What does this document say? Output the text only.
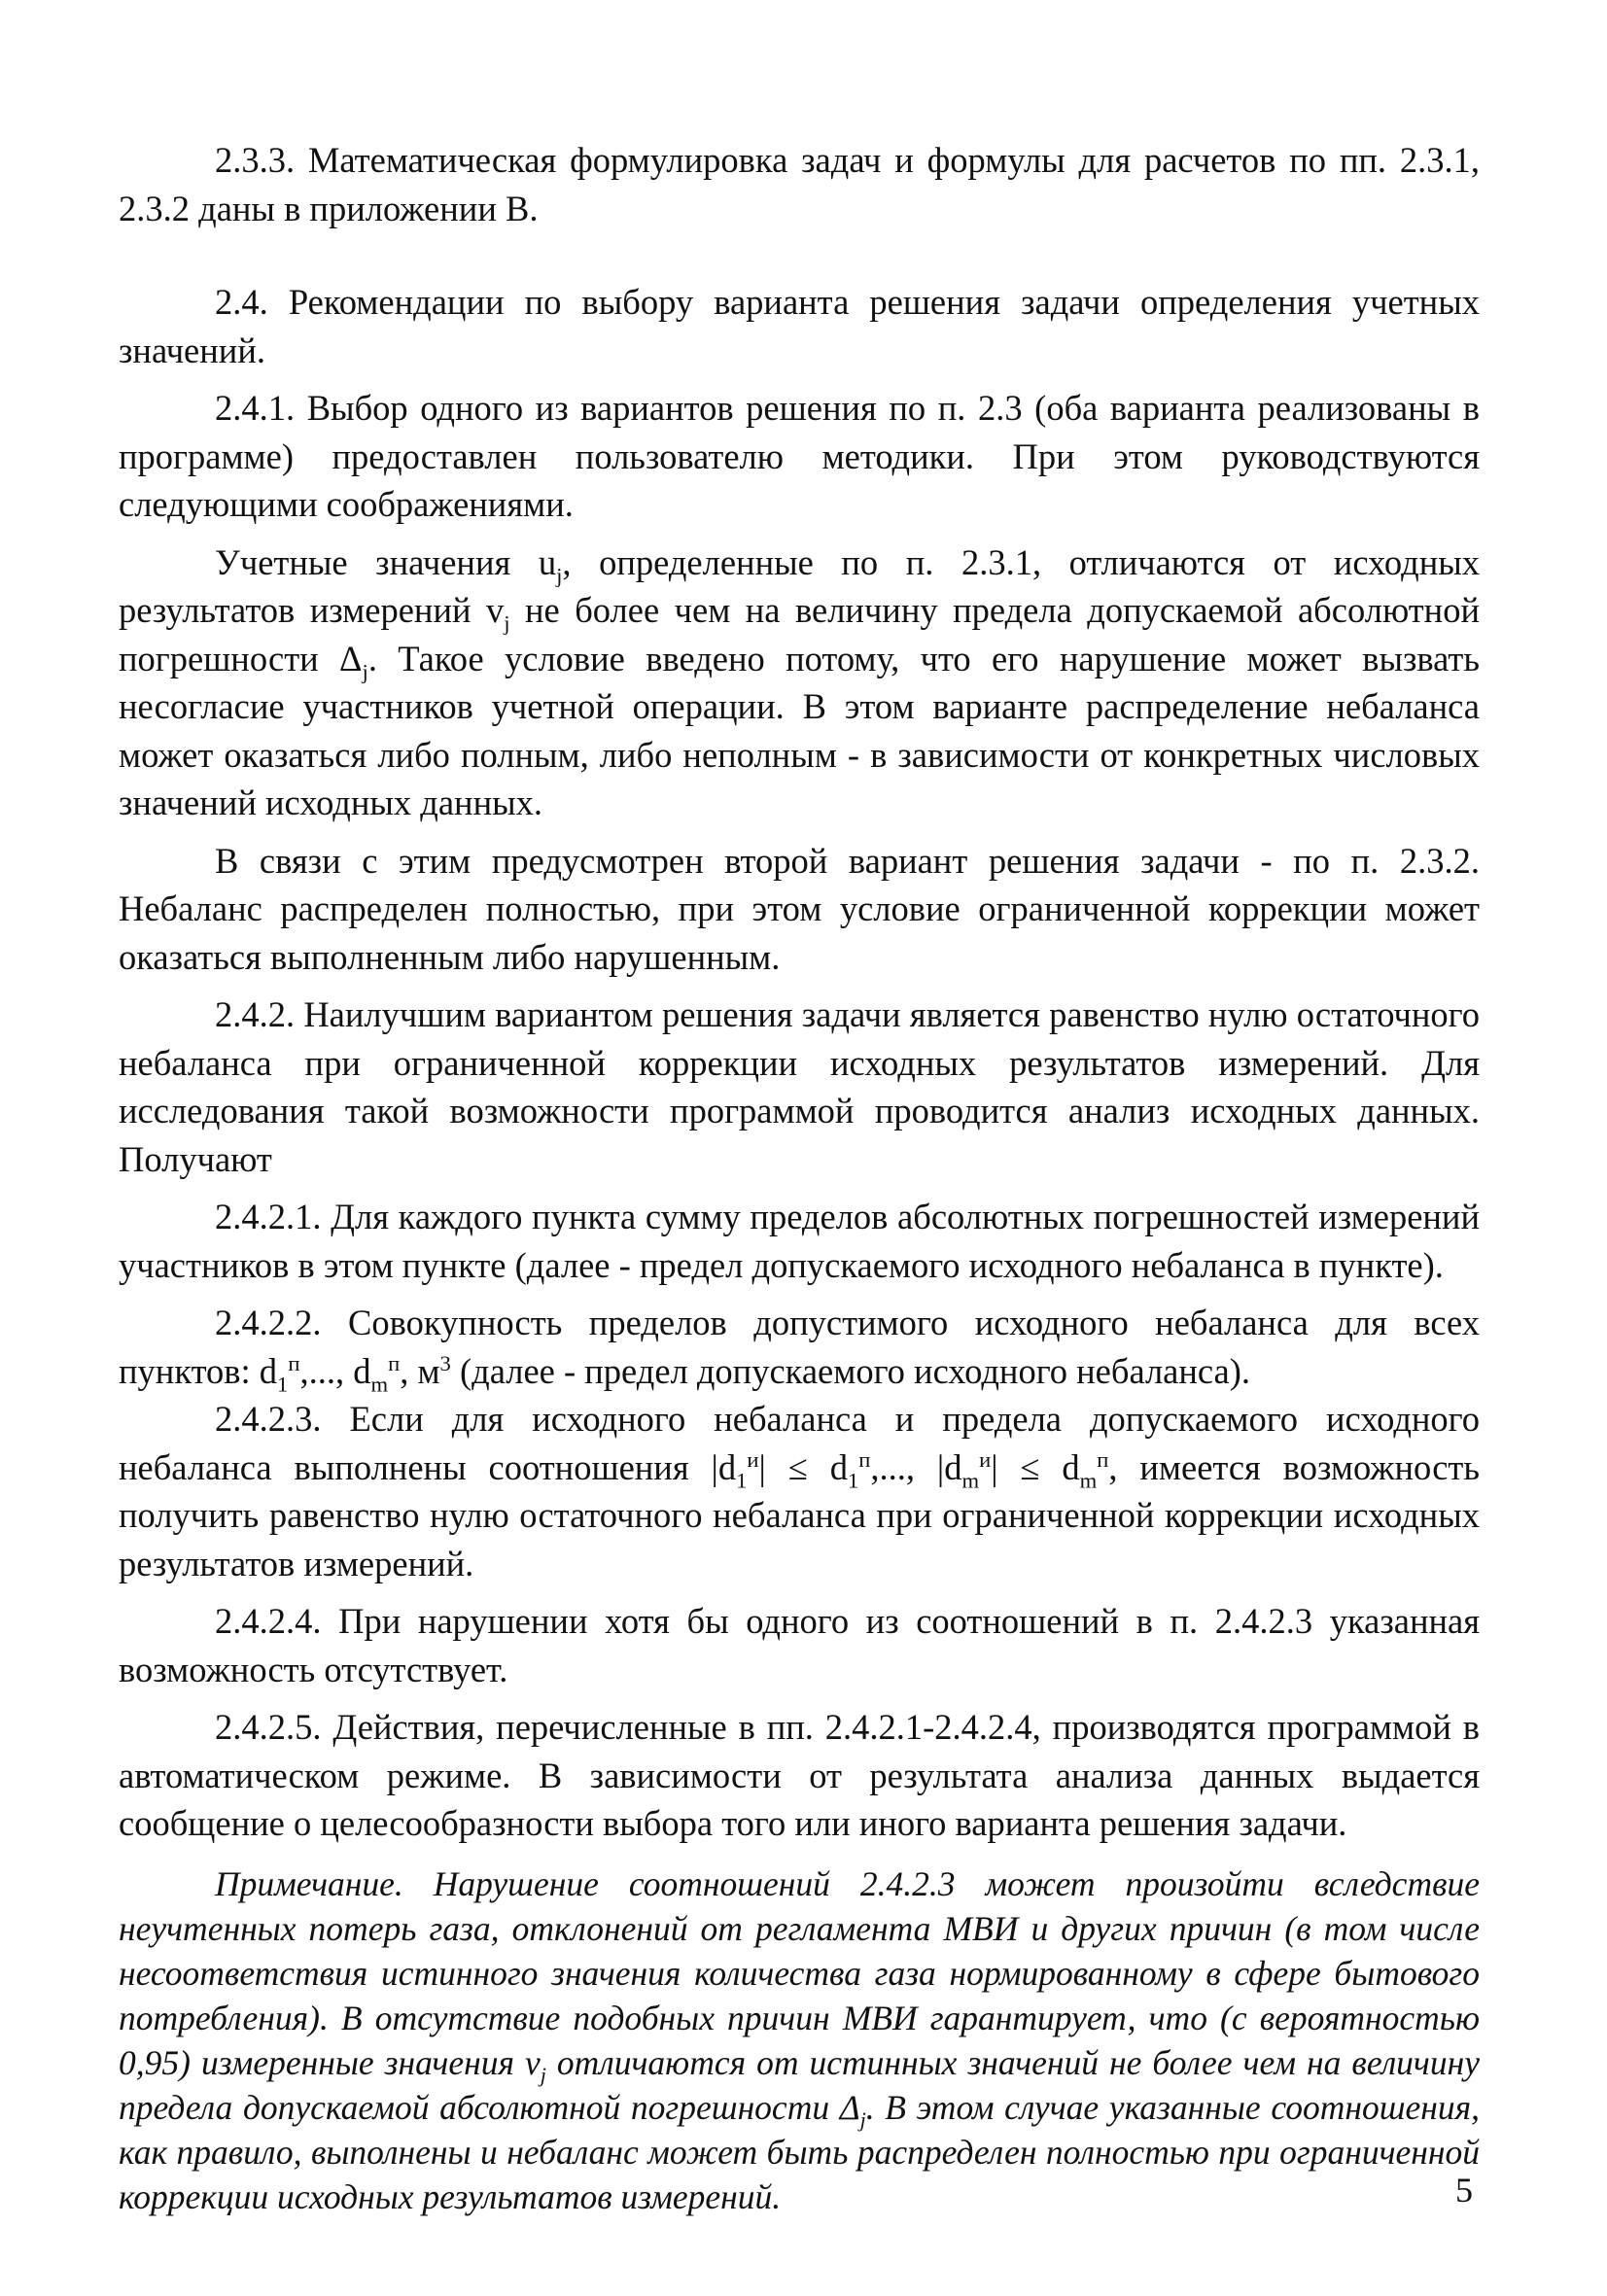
2.3.3. Математическая формулировка задач и формулы для расчетов по пп. 2.3.1, 2.3.2 даны в приложении В.

2.4. Рекомендации по выбору варианта решения задачи определения учетных значений.

2.4.1. Выбор одного из вариантов решения по п. 2.3 (оба варианта реализованы в программе) предоставлен пользователю методики. При этом руководствуются следующими соображениями.

Учетные значения $u_j$, определенные по п. 2.3.1, отличаются от исходных результатов измерений $v_j$ не более чем на величину предела допускаемой абсолютной погрешности $\Delta_j$. Такое условие введено потому, что его нарушение может вызвать несогласие участников учетной операции. В этом варианте распределение небаланса может оказаться либо полным, либо неполным - в зависимости от конкретных числовых значений исходных данных.

В связи с этим предусмотрен второй вариант решения задачи - по п. 2.3.2. Небаланс распределен полностью, при этом условие ограниченной коррекции может оказаться выполненным либо нарушенным.

2.4.2. Наилучшим вариантом решения задачи является равенство нулю остаточного небаланса при ограниченной коррекции исходных результатов измерений. Для исследования такой возможности программой проводится анализ исходных данных. Получают

2.4.2.1. Для каждого пункта сумму пределов абсолютных погрешностей измерений участников в этом пункте (далее - предел допускаемого исходного небаланса в пункте).

2.4.2.2. Совокупность пределов допустимого исходного небаланса для всех пунктов: $d_1^п$,..., $d_m^п$, $м^3$ (далее - предел допускаемого исходного небаланса).

2.4.2.3. Если для исходного небаланса и предела допускаемого исходного небаланса выполнены соотношения $|d_1^и| \le d_1^п$,..., $|d_m^и| \le d_m^п$, имеется возможность получить равенство нулю остаточного небаланса при ограниченной коррекции исходных результатов измерений.

2.4.2.4. При нарушении хотя бы одного из соотношений в п. 2.4.2.3 указанная возможность отсутствует.

2.4.2.5. Действия, перечисленные в пп. 2.4.2.1-2.4.2.4, производятся программой в автоматическом режиме. В зависимости от результата анализа данных выдается сообщение о целесообразности выбора того или иного варианта решения задачи.

Примечание. Нарушение соотношений 2.4.2.3 может произойти вследствие неучтенных потерь газа, отклонений от регламента МВИ и других причин (в том числе несоответствия истинного значения количества газа нормированному в сфере бытового потребления). В отсутствие подобных причин МВИ гарантирует, что (с вероятностью 0,95) измеренные значения $v_j$ отличаются от истинных значений не более чем на величину предела допускаемой абсолютной погрешности $\Delta_j$. В этом случае указанные соотношения, как правило, выполнены и небаланс может быть распределен полностью при ограниченной коррекции исходных результатов измерений.	5
